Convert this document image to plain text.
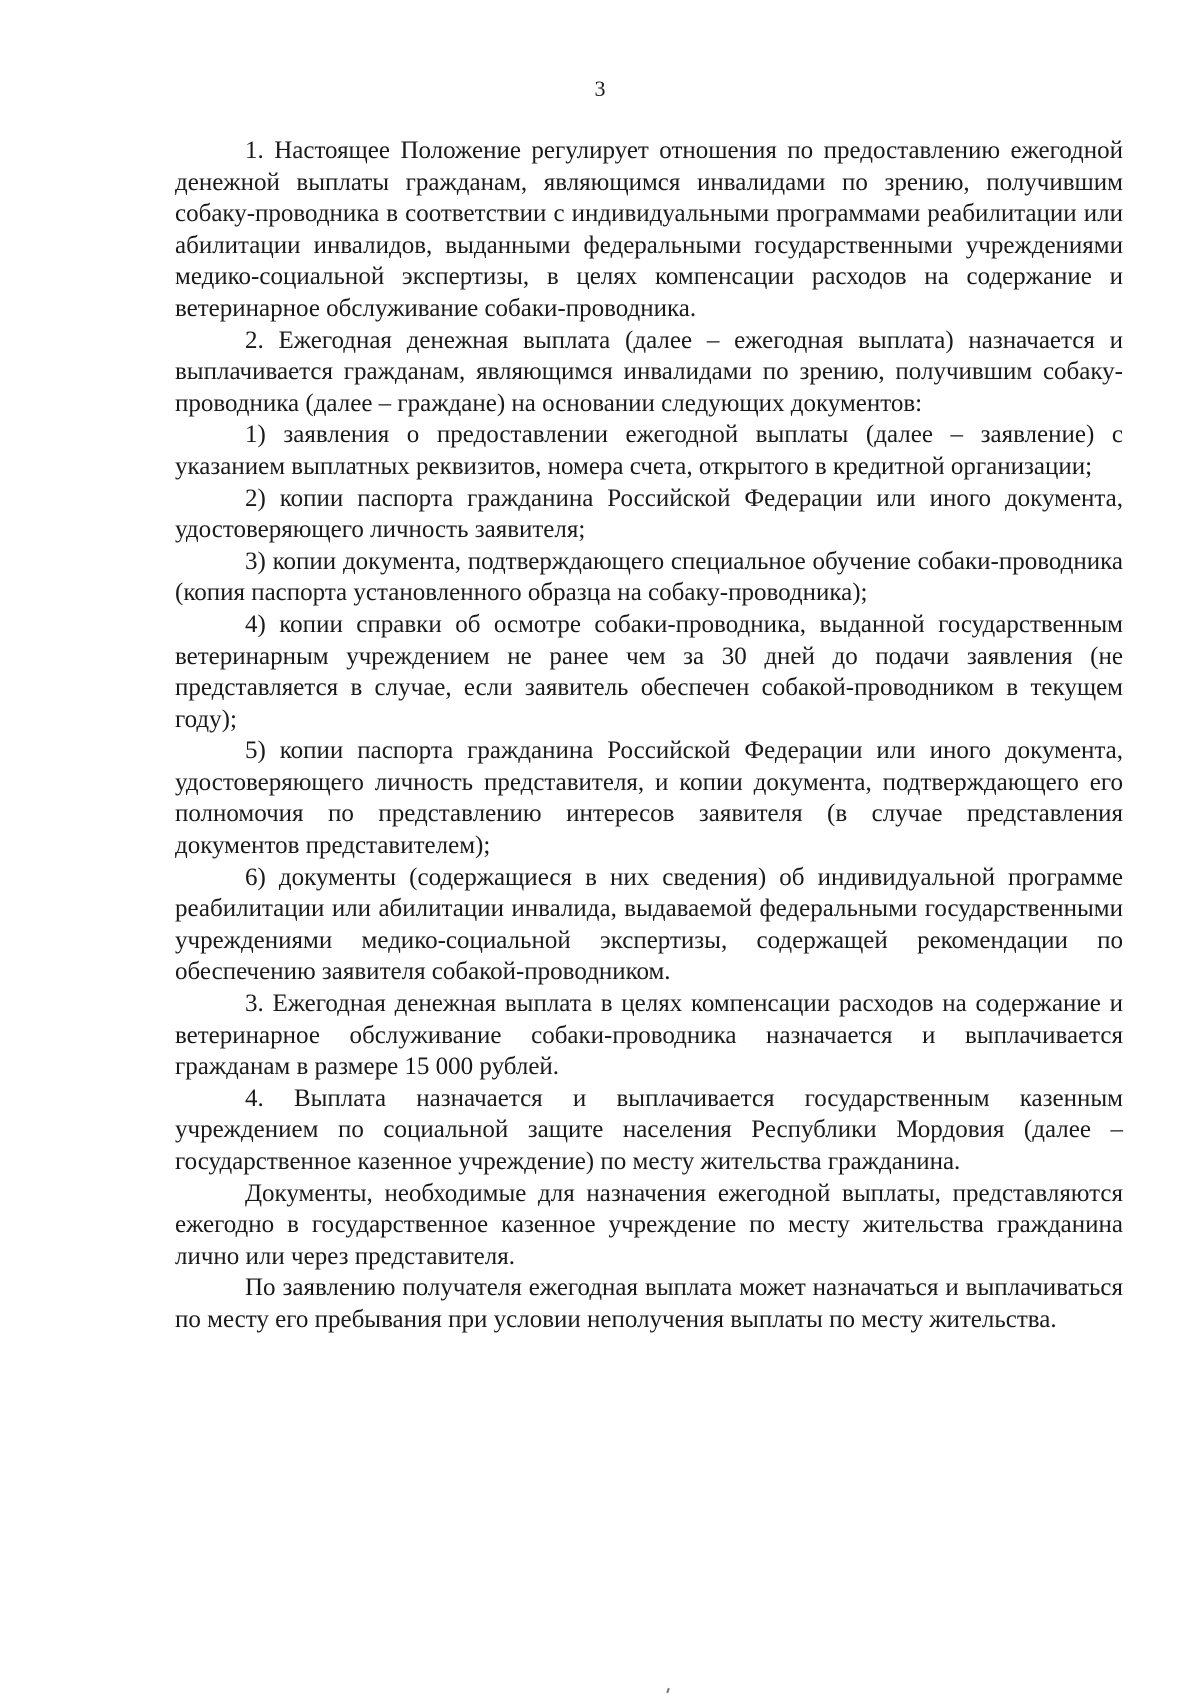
3

1. Настоящее Положение регулирует отношения по предоставлению ежегодной денежной выплаты гражданам, являющимся инвалидами по зрению, получившим собаку-проводника в соответствии с индивидуальными программами реабилитации или абилитации инвалидов, выданными федеральными государственными учреждениями медико-социальной экспертизы, в целях компенсации расходов на содержание и ветеринарное обслуживание собаки-проводника.

2. Ежегодная денежная выплата (далее – ежегодная выплата) назначается и выплачивается гражданам, являющимся инвалидами по зрению, получившим собаку-проводника (далее – граждане) на основании следующих документов:

1) заявления о предоставлении ежегодной выплаты (далее – заявление) с указанием выплатных реквизитов, номера счета, открытого в кредитной организации;

2) копии паспорта гражданина Российской Федерации или иного документа, удостоверяющего личность заявителя;

3) копии документа, подтверждающего специальное обучение собаки-проводника (копия паспорта установленного образца на собаку-проводника);

4) копии справки об осмотре собаки-проводника, выданной государственным ветеринарным учреждением не ранее чем за 30 дней до подачи заявления (не представляется в случае, если заявитель обеспечен собакой-проводником в текущем году);

5) копии паспорта гражданина Российской Федерации или иного документа, удостоверяющего личность представителя, и копии документа, подтверждающего его полномочия по представлению интересов заявителя (в случае представления документов представителем);

6) документы (содержащиеся в них сведения) об индивидуальной программе реабилитации или абилитации инвалида, выдаваемой федеральными государственными учреждениями медико-социальной экспертизы, содержащей рекомендации по обеспечению заявителя собакой-проводником.

3. Ежегодная денежная выплата в целях компенсации расходов на содержание и ветеринарное обслуживание собаки-проводника назначается и выплачивается гражданам в размере 15 000 рублей.

4. Выплата назначается и выплачивается государственным казенным учреждением по социальной защите населения Республики Мордовия (далее – государственное казенное учреждение) по месту жительства гражданина.

Документы, необходимые для назначения ежегодной выплаты, представляются ежегодно в государственное казенное учреждение по месту жительства гражданина лично или через представителя.

По заявлению получателя ежегодная выплата может назначаться и выплачиваться по месту его пребывания при условии неполучения выплаты по месту жительства.
